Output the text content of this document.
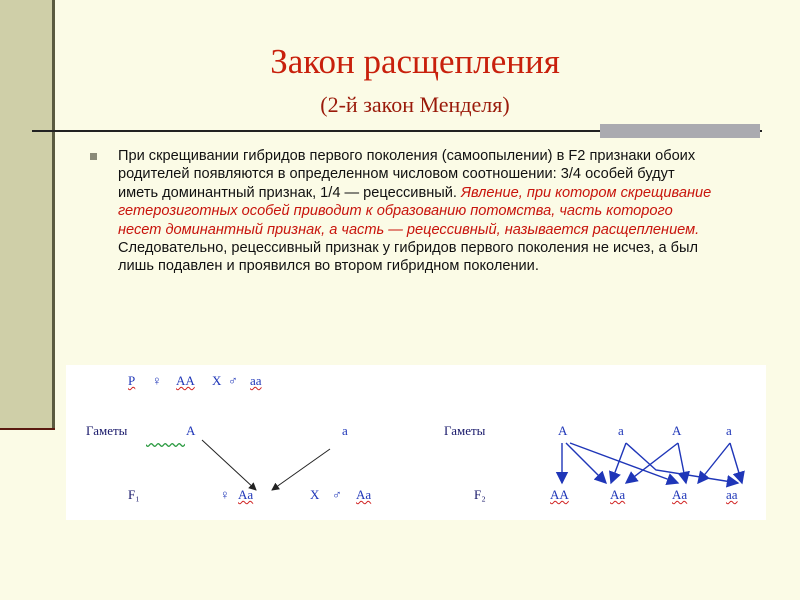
Закон расщепления
(2-й закон Менделя)
При скрещивании гибридов первого поколения (самоопылении) в F2 признаки обоих родителей появляются в определенном числовом соотношении: 3/4 особей будут иметь доминантный признак, 1/4 — рецессивный. Явление, при котором скрещивание гетерозиготных особей приводит к образованию потомства, часть которого несет доминантный признак, а часть — рецессивный, называется расщеплением. Следовательно, рецессивный признак у гибридов первого поколения не исчез, а был лишь подавлен и проявился во втором гибридном поколении.
P ♀ AA X ♂ aa
Гаметы	A	a
F₁	♀ Aa	X ♂ Aa
Гаметы	A	a	A	a
F₂	AA	Aa	Aa	aa
